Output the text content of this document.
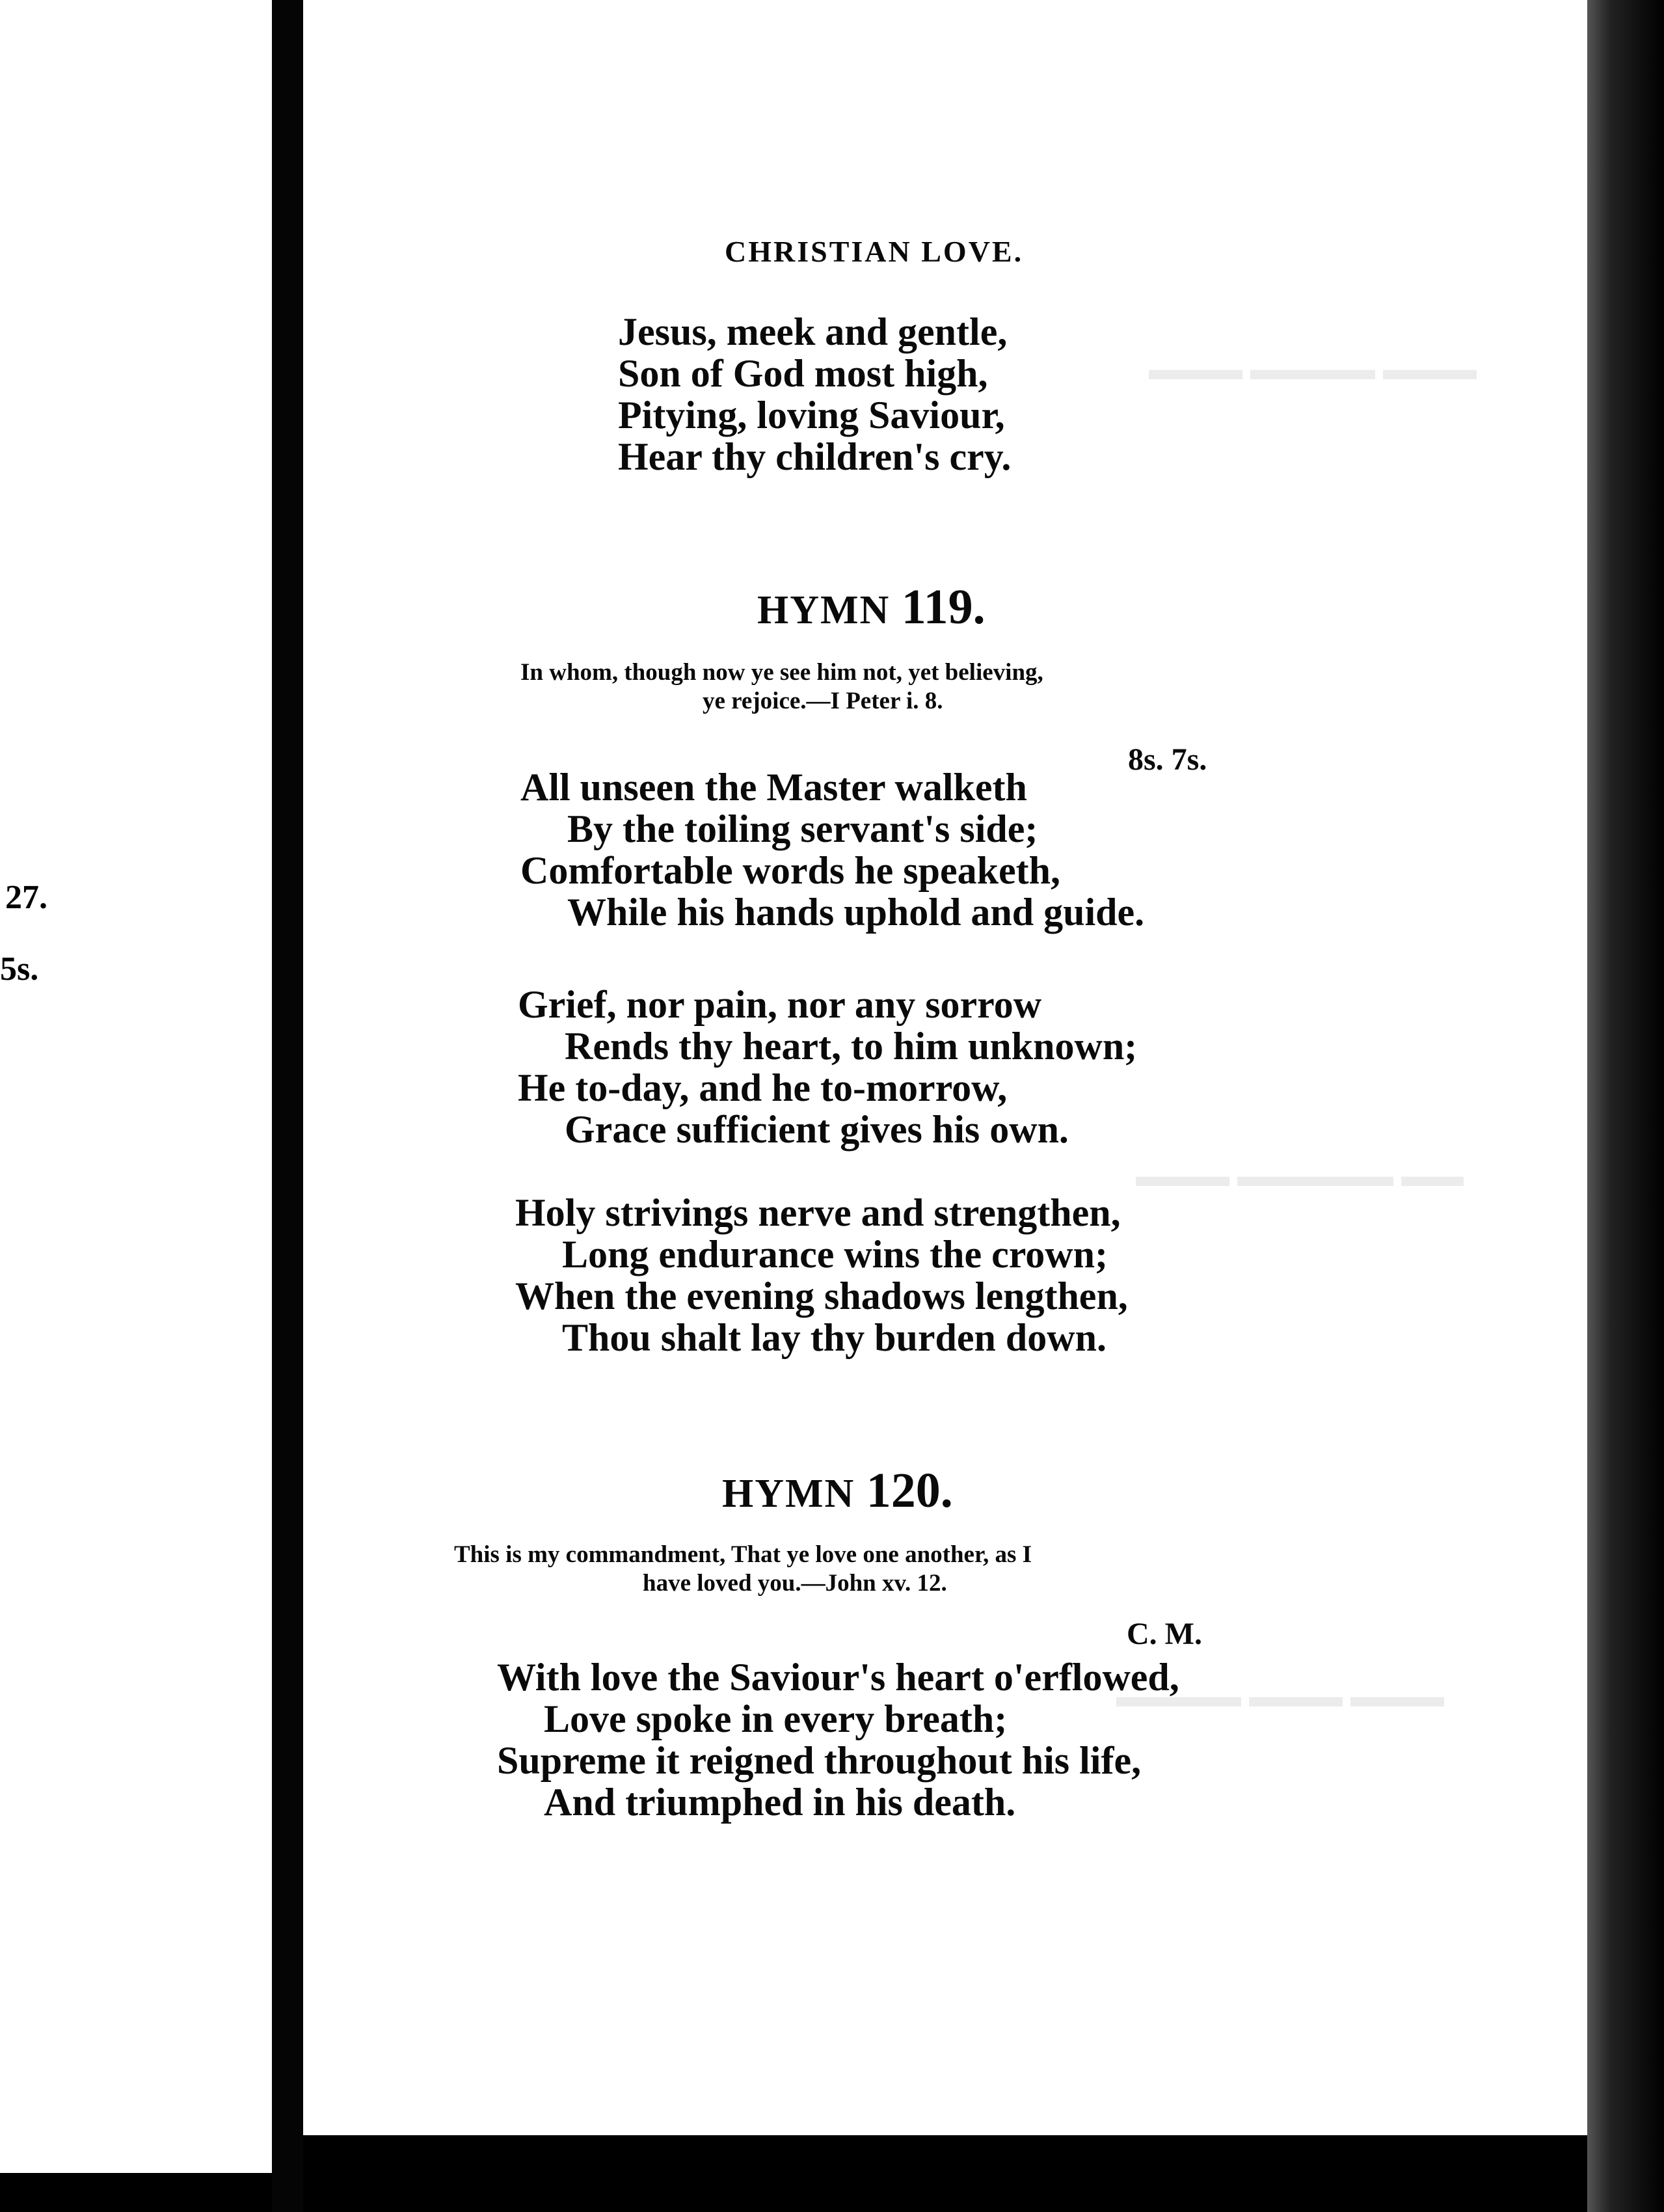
27.
5s.
▬▬▬ ▬▬▬▬ ▬▬▬
▬▬▬ ▬▬▬▬▬ ▬▬
▬▬▬▬ ▬▬▬ ▬▬▬
CHRISTIAN LOVE.
Jesus, meek and gentle,
Son of God most high,
Pitying, loving Saviour,
Hear thy children's cry.
HYMN 119.
In whom, though now ye see him not, yet believing,
ye rejoice.—I Peter i. 8.
8s. 7s.
All unseen the Master walketh
By the toiling servant's side;
Comfortable words he speaketh,
While his hands uphold and guide.
Grief, nor pain, nor any sorrow
Rends thy heart, to him unknown;
He to-day, and he to-morrow,
Grace sufficient gives his own.
Holy strivings nerve and strengthen,
Long endurance wins the crown;
When the evening shadows lengthen,
Thou shalt lay thy burden down.
HYMN 120.
This is my commandment, That ye love one another, as I
have loved you.—John xv. 12.
C. M.
With love the Saviour's heart o'erflowed,
Love spoke in every breath;
Supreme it reigned throughout his life,
And triumphed in his death.
